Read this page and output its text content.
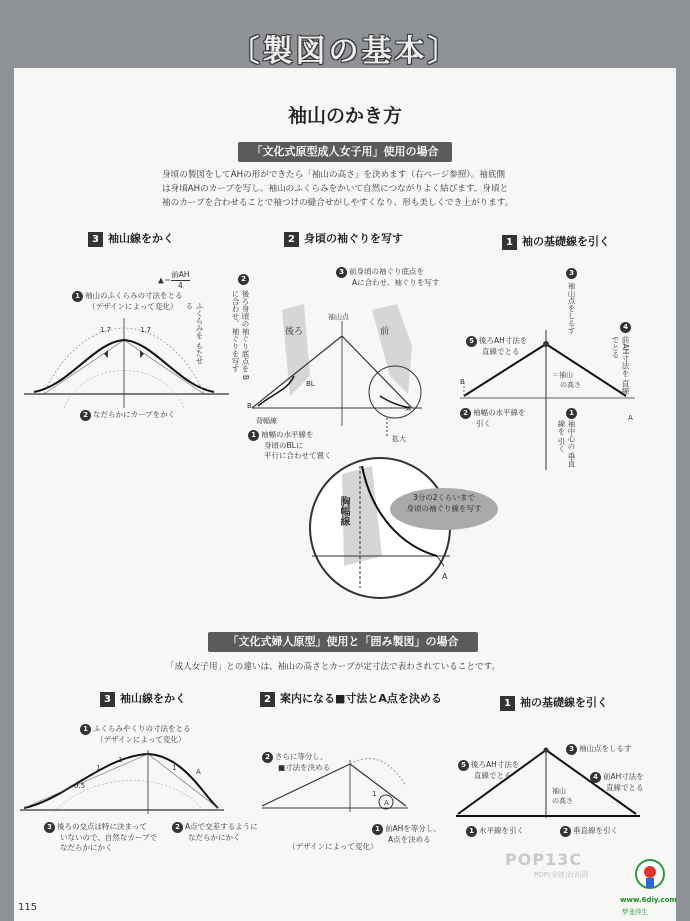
〔製図の基本〕
袖山のかき方
「文化式原型成人女子用」使用の場合
身頃の製図をしてAHの形ができたら「袖山の高さ」を決めます（右ページ参照）。袖底側
は身頃AHのカーブを写し、袖山のふくらみをかいて自然につながりよく結びます。身頃と
袖のカーブを合わせることで袖つけの縫合せがしやすくなり、形も美しくでき上がります。
3 袖山線をかく	2 身頃の袖ぐりを写す	1 袖の基礎線を引く
▲＝
前AH
4
1 袖山のふくらみの寸法をとる
（デザインによって変化）	ふくらみを もたせる
1.7	1.7
2 なだらかにカーブをかく
2
後ろ身頃の袖ぐり底点を Bに合わせ、袖ぐりを写す
3 前身頃の袖ぐり底点を
Aに合わせ、袖ぐりを写す
後ろ	前
袖山点
BL
B	A
背幅線
1 袖幅の水平線を
身頃のBLに
平行に合わせて置く
拡大
3分の2くらいまで
身頃の袖ぐり線を写す
胸幅線
A
3
袖山点をしるす
5 後ろAH寸法を
直線でとる
4
前AH寸法を 直線でとる
B
A
＝袖山
の高さ
2 袖幅の水平線を
引く
1
袖中心の 垂直線を 引く
「文化式婦人原型」使用と「囲み製図」の場合
「成人女子用」との違いは、袖山の高さとカーブが定寸法で表わされていることです。
3 袖山線をかく	2 案内になる■寸法とA点を決める	1 袖の基礎線を引く
1 ふくらみやくりの寸法をとる
（デザインによって変化）
0.5
1
1
1	A
3 後ろの交点は特に決まって
いないので、自然なカーブで
なだらかにかく
2 A点で交差するように
なだらかにかく
2 さらに等分し、
■寸法を決める
1
A
1 前AHを等分し、
A点を決める
（デザインによって変化）
5 後ろAH寸法を
直線でとる
3 袖山点をしるす
4 前AH寸法を
直線でとる
袖山
の高さ
1 水平線を引く	2 垂直線を引く
115
POP13C
POP(全球)时尚网
www.6diy.com
梦斐萍生
